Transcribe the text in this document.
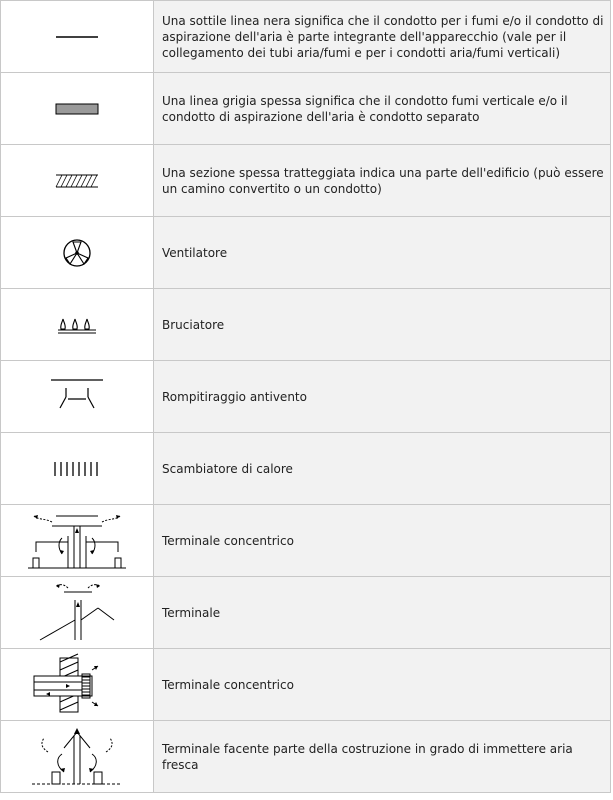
	Una sottile linea nera significa che il condotto per i fumi e/o il condotto di aspirazione dell'aria è parte integrante dell'apparecchio (vale per il collegamento dei tubi aria/fumi e per i condotti aria/fumi verticali)

	Una linea grigia spessa significa che il condotto fumi verticale e/o il condotto di aspirazione dell'aria è condotto separato

	Una sezione spessa tratteggiata indica una parte dell'edificio (può essere un camino convertito o un condotto)

	Ventilatore

	Bruciatore

	Rompitiraggio antivento

	Scambiatore di calore

	Terminale concentrico

	Terminale

	Terminale concentrico

	Terminale facente parte della costruzione in grado di immettere aria fresca
